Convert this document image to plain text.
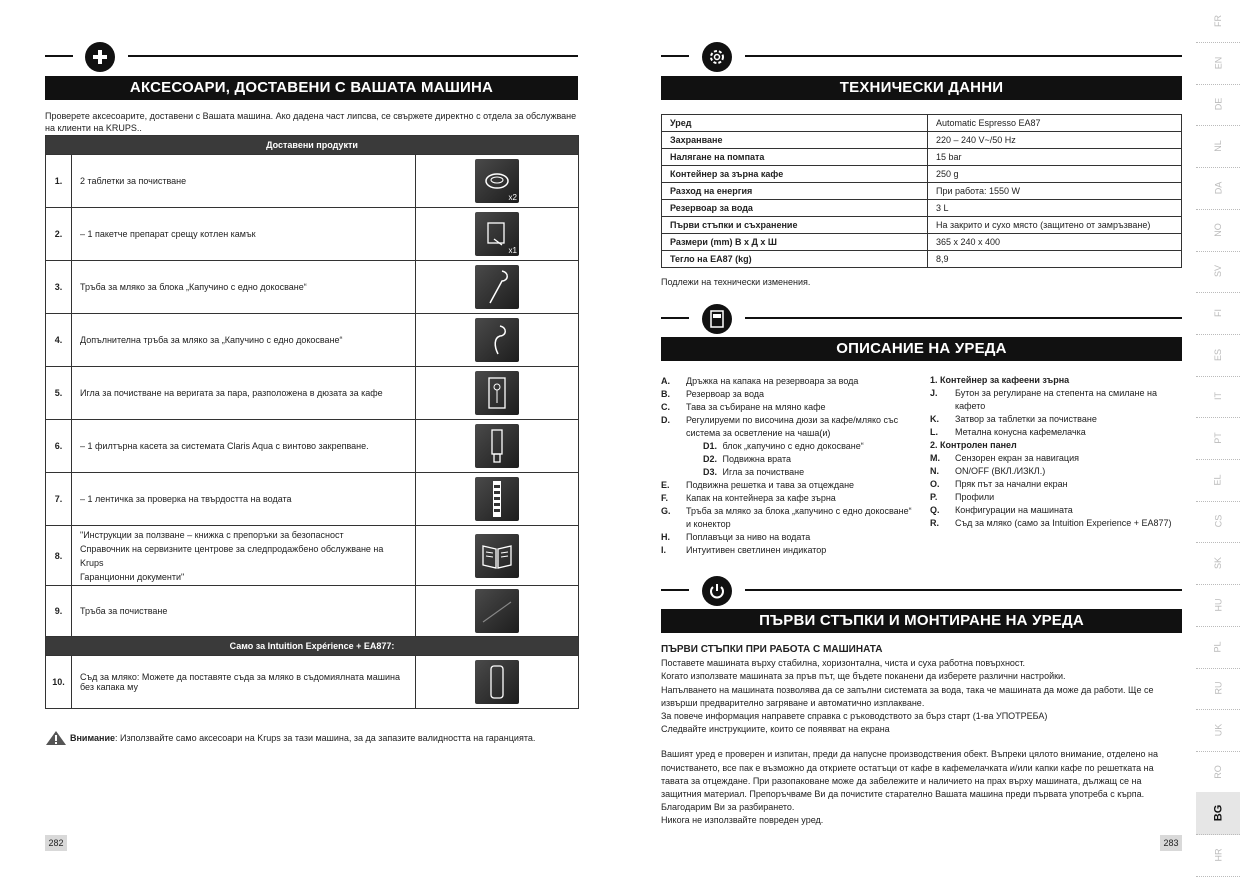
АКСЕСОАРИ, ДОСТАВЕНИ С ВАШАТА МАШИНА
Проверете аксесоарите, доставени с Вашата машина. Ако дадена част липсва, се свържете директно с отдела за обслужване на клиенти на KRUPS..
Доставени продукти		
1.	2 таблетки за почистване	x2

2.	– 1 пакетче препарат срещу котлен камък	x1

3.	Тръба за мляко за блока „Капучино с едно докосване“	

4.	Допълнителна тръба за мляко за „Капучино с едно докосване“	

5.	Игла за почистване на веригата за пара, разположена в дюзата за кафе	

6.	– 1 филтърна касета за системата Claris Aqua с винтово закрепване.	

7.	– 1 лентичка за проверка на твърдостта на водата	

8.	"Инструкции за ползване – книжка с препоръки за безопасност
Справочник на сервизните центрове за следпродажбено обслужване на Krups
Гаранционни документи"

9.	Тръба за почистване	

Само за Intuition Expérience + EA877:		
10.	Съд за мляко: Можете да поставяте съда за мляко в съдомиялната машина без капака му	
Внимание : Използвайте само аксесоари на Krups за тази машина, за да запазите валидността на гаранцията.
282
ТЕХНИЧЕСКИ ДАННИ
Уред	Automatic Espresso EA87
Захранване	220 – 240 V~/50 Hz
Налягане на помпата	15 bar
Контейнер за зърна кафе	250 g
Разход на енергия	При работа: 1550 W
Резервоар за вода	3 L
Първи стъпки и съхранение	На закрито и сухо място (защитено от замръзване)
Размери (mm) В x Д x Ш	365 x 240 x 400
Тегло на EA87 (kg)	8,9
Подлежи на технически изменения.
ОПИСАНИЕ НА УРЕДА
A.	Дръжка на капака на резервоара за вода
B.	Резервоар за вода
C.	Тава за събиране на мляно кафе
D.	Регулируеми по височина дюзи за кафе/мляко със система за осветление на чаша(и)
D1. блок „капучино с едно докосване“
D2. Подвижна врата
D3. Игла за почистване
E.	Подвижна решетка и тава за отцеждане
F.	Капак на контейнера за кафе зърна
G.	Тръба за мляко за блока „капучино с едно докосване“ и конектор
H.	Поплавъци за ниво на водата
I.	Интуитивен светлинен индикатор
1. Контейнер за кафеени зърна
J.	Бутон за регулиране на степента на смилане на кафето
K.	Затвор за таблетки за почистване
L.	Метална конусна кафемелачка
2. Контролен панел
M.	Сензорен екран за навигация
N.	ON/OFF (ВКЛ./ИЗКЛ.)
O.	Пряк път за начални екран
P.	Профили
Q.	Конфигурации на машината
R.	Съд за мляко (само за Intuition Experience + EA877)
ПЪРВИ СТЪПКИ И МОНТИРАНЕ НА УРЕДА

ПЪРВИ СТЪПКИ ПРИ РАБОТА С МАШИНАТА

Поставете машината върху стабилна, хоризонтална, чиста и суха работна повърхност.

Когато използвате машината за пръв път, ще бъдете поканени да изберете различни настройки.

Напълването на машината позволява да се запълни системата за вода, така че машината да може да работи. Ще се извърши предварително загряване и автоматично изплакване.

За повече информация направете справка с ръководството за бърз старт (1-ва УПОТРЕБА)

Следвайте инструкциите, които се появяват на екрана

Вашият уред е проверен и изпитан, преди да напусне производствения обект. Въпреки цялото внимание, отделено на почистването, все пак е възможно да откриете остатъци от кафе в кафемелачката и/или капки кафе по решетката на тавата за отцеждане. При разопаковане може да забележите и наличието на прах върху машината, дължащ се на защитния материал. Препоръчваме Ви да почистите старателно Вашата машина преди първата употреба с кърпа.

Благодарим Ви за разбирането.

Никога не използвайте повреден уред.

283
FR
EN
DE
NL
DA
NO
SV
FI
ES
IT
PT
EL
CS
SK
HU
PL
RU
UK
RO
BG
HR
